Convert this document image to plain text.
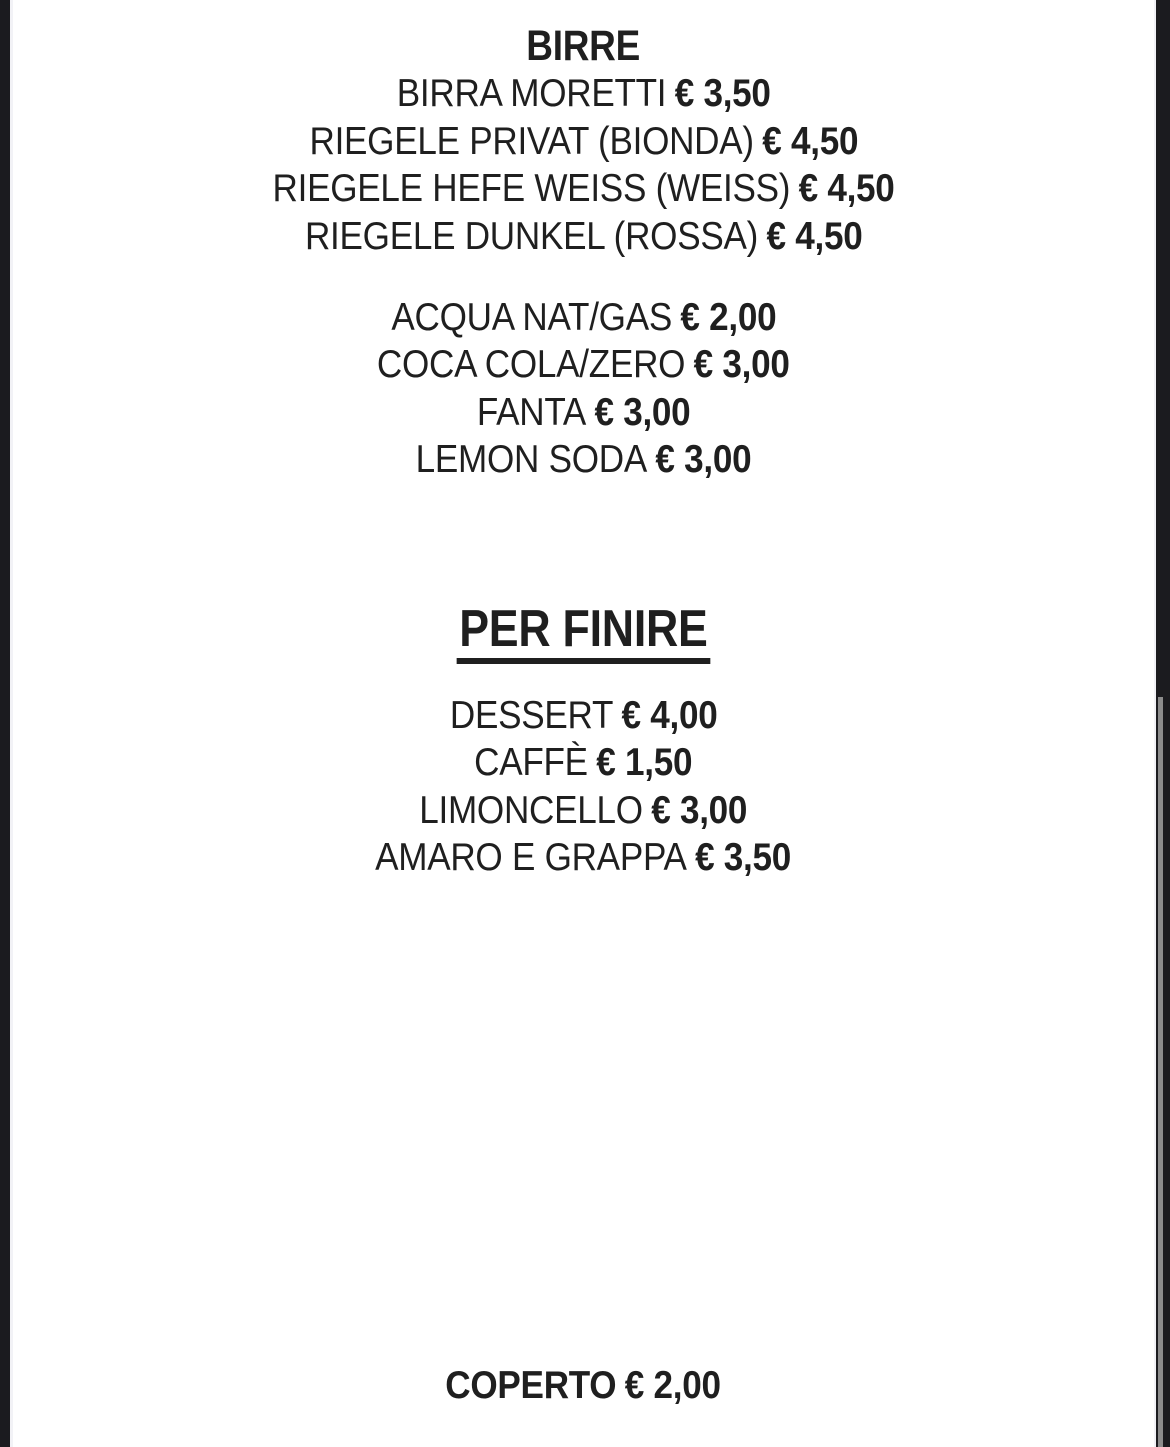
BIRRE
BIRRA MORETTI € 3,50
RIEGELE PRIVAT (BIONDA) € 4,50
RIEGELE HEFE WEISS (WEISS) € 4,50
RIEGELE DUNKEL (ROSSA) € 4,50
ACQUA NAT/GAS € 2,00
COCA COLA/ZERO € 3,00
FANTA € 3,00
LEMON SODA € 3,00
PER FINIRE
DESSERT € 4,00
CAFFÈ € 1,50
LIMONCELLO € 3,00
AMARO E GRAPPA € 3,50
COPERTO € 2,00
